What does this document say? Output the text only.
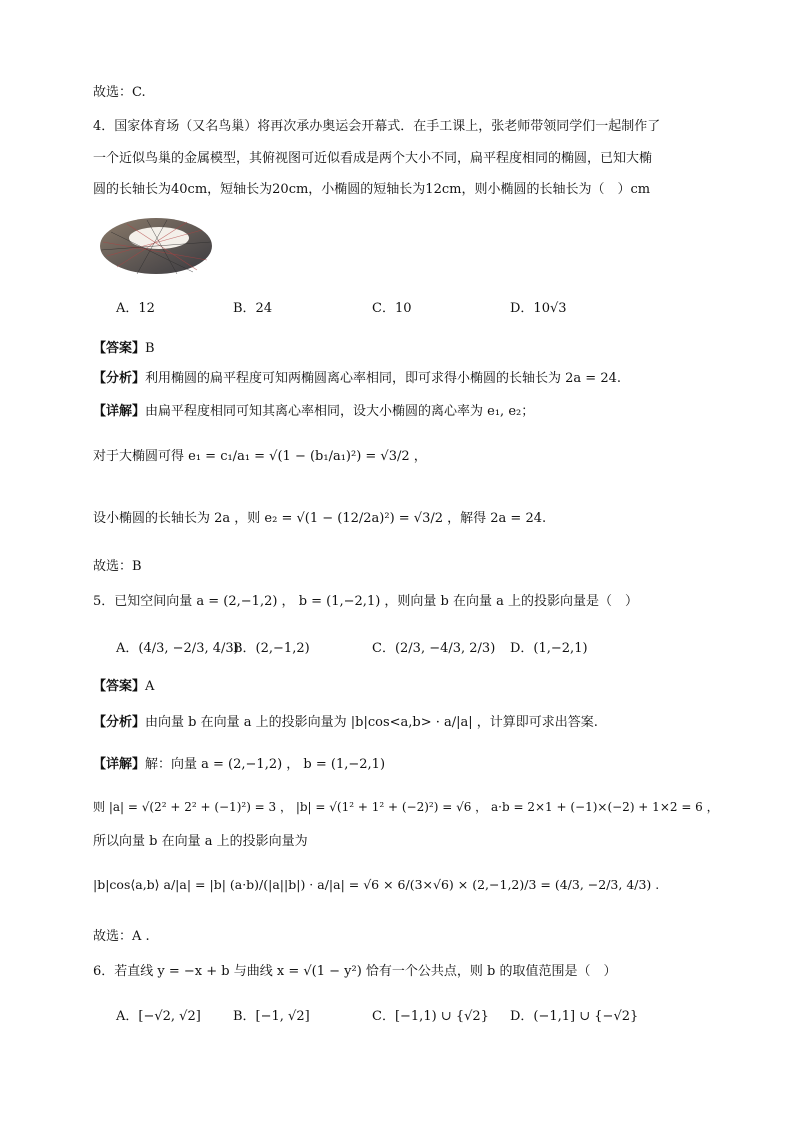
故选：C.
4．国家体育场（又名鸟巢）将再次承办奥运会开幕式．在手工课上，张老师带领同学们一起制作了
一个近似鸟巢的金属模型，其俯视图可近似看成是两个大小不同，扁平程度相同的椭圆，已知大椭
圆的长轴长为40cm，短轴长为20cm，小椭圆的短轴长为12cm，则小椭圆的长轴长为（　）cm
A．12	B．24	C．10	D．10√3
【答案】B
【分析】利用椭圆的扁平程度可知两椭圆离心率相同，即可求得小椭圆的长轴长为 2a = 24.
【详解】由扁平程度相同可知其离心率相同，设大小椭圆的离心率为 e₁, e₂；
对于大椭圆可得 e₁ = c₁/a₁ = √(1 − (b₁/a₁)²) = √3/2 ，
设小椭圆的长轴长为 2a ，则 e₂ = √(1 − (12/2a)²) = √3/2 ，解得 2a = 24.
故选：B
5．已知空间向量 a = (2,−1,2) ， b = (1,−2,1) ，则向量 b 在向量 a 上的投影向量是（　）
A．(4/3, −2/3, 4/3)
B．(2,−1,2)	C．(2/3, −4/3, 2/3) D．(1,−2,1)
【答案】A
【分析】由向量 b 在向量 a 上的投影向量为 |b|cos<a,b> · a/|a| ，计算即可求出答案.
【详解】解：向量 a = (2,−1,2) ， b = (1,−2,1)
则 |a| = √(2² + 2² + (−1)²) = 3 ， |b| = √(1² + 1² + (−2)²) = √6 ， a·b = 2×1 + (−1)×(−2) + 1×2 = 6 ，
所以向量 b 在向量 a 上的投影向量为
|b|cos⟨a,b⟩ a/|a| = |b| (a·b)/(|a||b|) · a/|a| = √6 × 6/(3×√6) × (2,−1,2)/3 = (4/3, −2/3, 4/3) .
故选：A .
6．若直线 y = −x + b 与曲线 x = √(1 − y²) 恰有一个公共点，则 b 的取值范围是（　）
A．[−√2, √2] B．[−1, √2]	C．[−1,1) ∪ {√2} D．(−1,1] ∪ {−√2}
